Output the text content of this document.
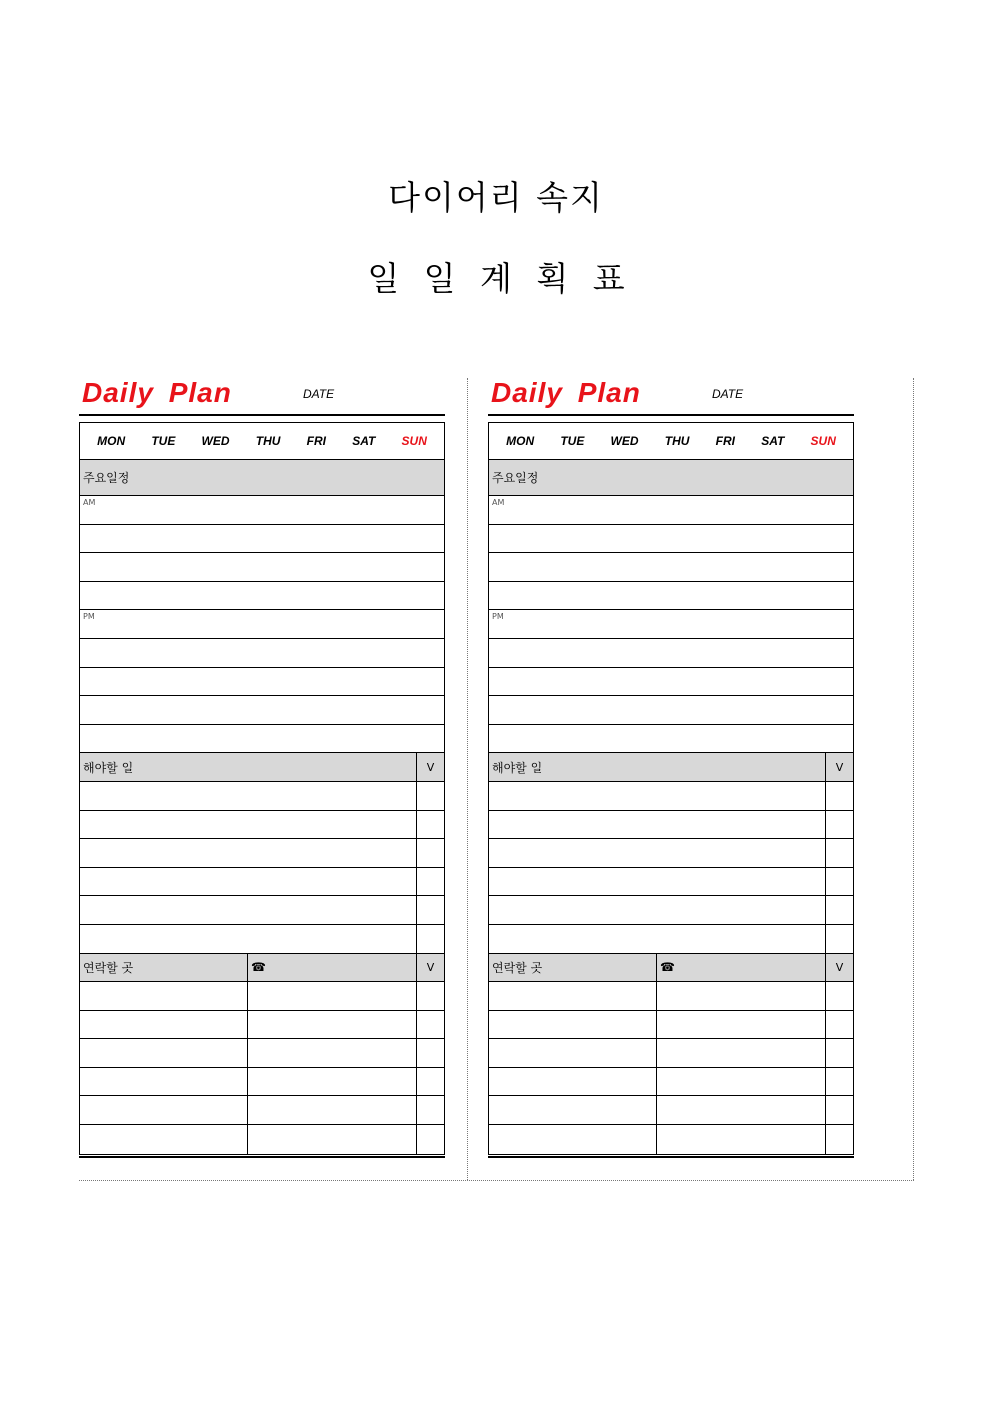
다이어리 속지
일 일 계 획 표
Daily Plan	DATE
MON TUE WED THU FRI SAT SUN
주요일정
AM
PM
해야할 일	V
연락할 곳	☎	V
Daily Plan	DATE
MON TUE WED THU FRI SAT SUN
주요일정
AM
PM
해야할 일	V
연락할 곳	☎	V
